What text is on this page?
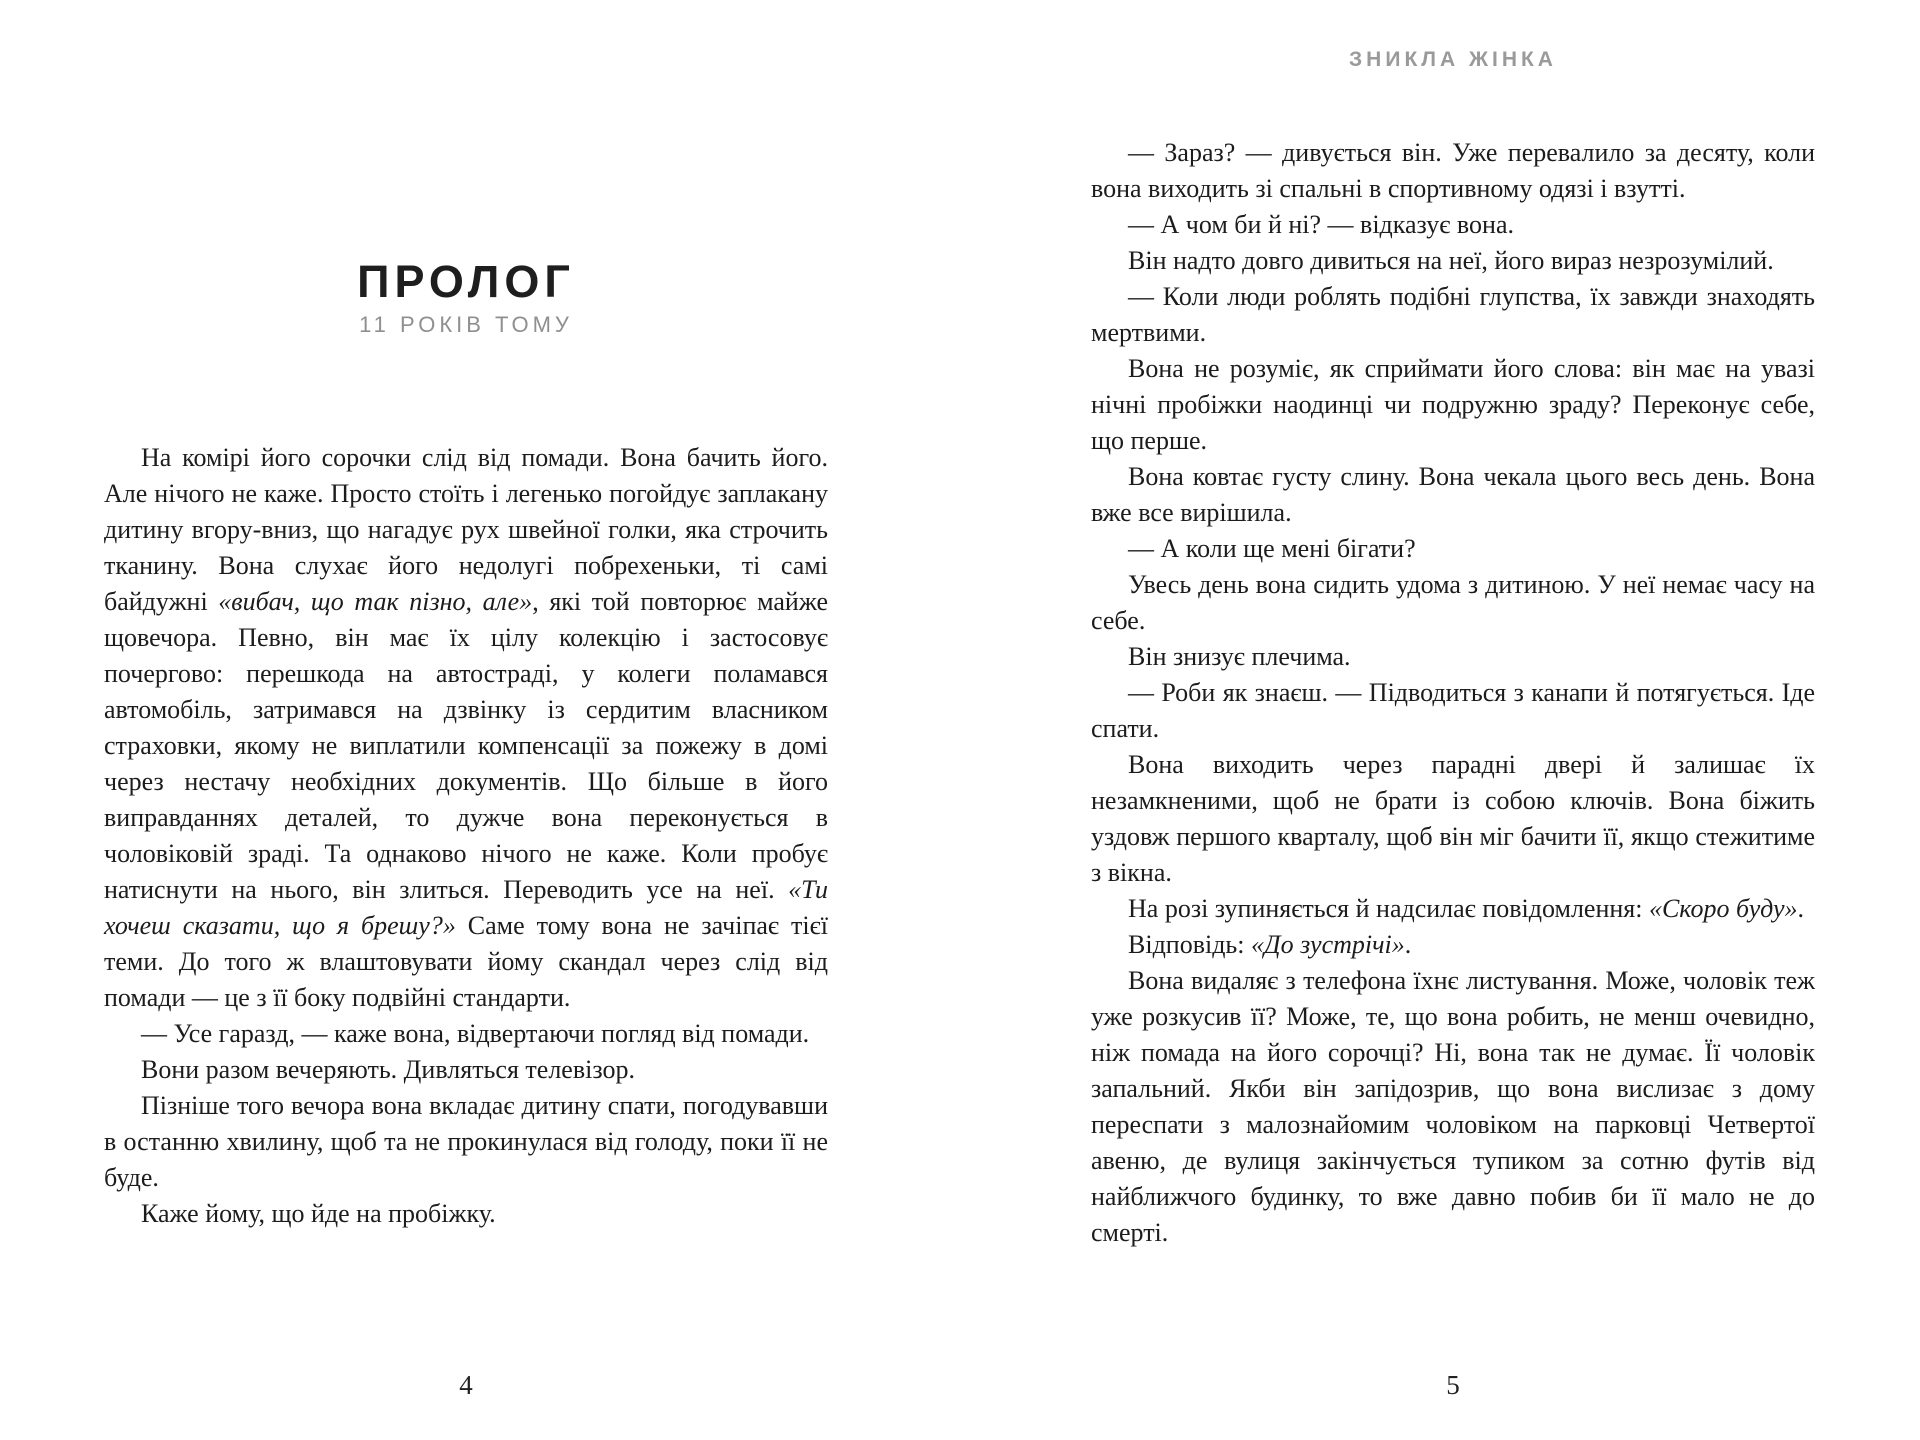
ПРОЛОГ
11 РОКІВ ТОМУ

На комірі його сорочки слід від помади. Вона бачить його. Але нічого не каже. Просто стоїть і легенько погойдує заплакану дитину вгору-вниз, що нагадує рух швейної голки, яка строчить тканину. Вона слухає його недолугі побрехеньки, ті самі байдужні «вибач, що так пізно, але», які той повторює майже щовечора. Певно, він має їх цілу колекцію і застосовує почергово: перешкода на автостраді, у колеги поламався автомобіль, затримався на дзвінку із сердитим власником страховки, якому не виплатили компенсації за пожежу в домі через нестачу необхідних документів. Що більше в його виправданнях деталей, то дужче вона переконується в чоловіковій зраді. Та однаково нічого не каже. Коли пробує натиснути на нього, він злиться. Переводить усе на неї. «Ти хочеш сказати, що я брешу?» Саме тому вона не зачіпає тієї теми. До того ж влаштовувати йому скандал через слід від помади — це з її боку подвійні стандарти.

— Усе гаразд, — каже вона, відвертаючи погляд від помади.

Вони разом вечеряють. Дивляться телевізор.

Пізніше того вечора вона вкладає дитину спати, погодувавши в останню хвилину, щоб та не прокинулася від голоду, поки її не буде.

Каже йому, що йде на пробіжку.

4
ЗНИКЛА ЖІНКА

— Зараз? — дивується він. Уже перевалило за десяту, коли вона виходить зі спальні в спортивному одязі і взутті.

— А чом би й ні? — відказує вона.

Він надто довго дивиться на неї, його вираз незрозумілий.

— Коли люди роблять подібні глупства, їх завжди знаходять мертвими.

Вона не розуміє, як сприймати його слова: він має на увазі нічні пробіжки наодинці чи подружню зраду? Переконує себе, що перше.

Вона ковтає густу слину. Вона чекала цього весь день. Вона вже все вирішила.

— А коли ще мені бігати?

Увесь день вона сидить удома з дитиною. У неї немає часу на себе.

Він знизує плечима.

— Роби як знаєш. — Підводиться з канапи й потягується. Іде спати.

Вона виходить через парадні двері й залишає їх незамкненими, щоб не брати із собою ключів. Вона біжить уздовж першого кварталу, щоб він міг бачити її, якщо стежитиме з вікна.

На розі зупиняється й надсилає повідомлення: «Скоро буду».

Відповідь: «До зустрічі».

Вона видаляє з телефона їхнє листування. Може, чоловік теж уже розкусив її? Може, те, що вона робить, не менш очевидно, ніж помада на його сорочці? Ні, вона так не думає. Її чоловік запальний. Якби він запідозрив, що вона вислизає з дому переспати з малознайомим чоловіком на парковці Четвертої авеню, де вулиця закінчується тупиком за сотню футів від найближчого будинку, то вже давно побив би її мало не до смерті.

5
